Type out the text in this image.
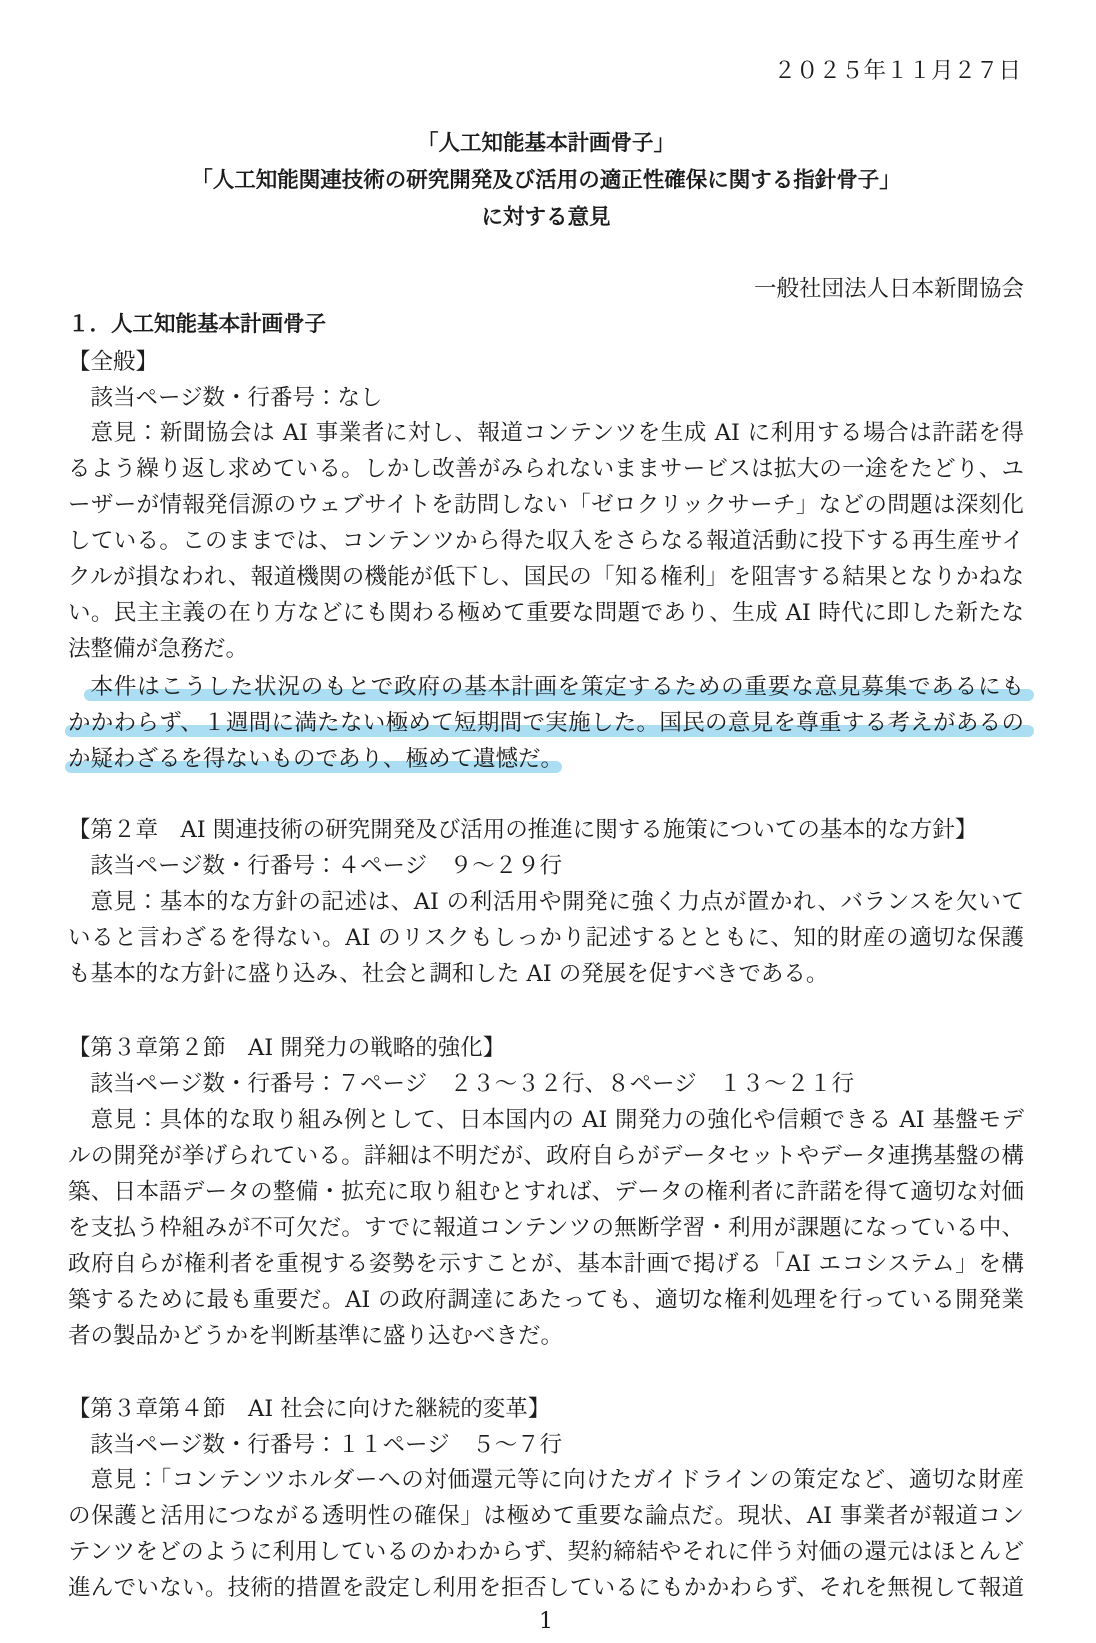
２０２５年１１月２７日
「人工知能基本計画骨子」
「人工知能関連技術の研究開発及び活用の適正性確保に関する指針骨子」
に対する意見
一般社団法人日本新聞協会
１．人工知能基本計画骨子
【全般】
該当ページ数・行番号：なし
意見：新聞協会は AI 事業者に対し、報道コンテンツを生成 AI に利用する場合は許諾を得
るよう繰り返し求めている。しかし改善がみられないままサービスは拡大の一途をたどり、ユ
ーザーが情報発信源のウェブサイトを訪問しない「ゼロクリックサーチ」などの問題は深刻化
している。このままでは、コンテンツから得た収入をさらなる報道活動に投下する再生産サイ
クルが損なわれ、報道機関の機能が低下し、国民の「知る権利」を阻害する結果となりかねな
い。民主主義の在り方などにも関わる極めて重要な問題であり、生成 AI 時代に即した新たな
法整備が急務だ。
本件はこうした状況のもとで政府の基本計画を策定するための重要な意見募集であるにも
かかわらず、１週間に満たない極めて短期間で実施した。国民の意見を尊重する考えがあるの
か疑わざるを得ないものであり、極めて遺憾だ。
【第２章　AI 関連技術の研究開発及び活用の推進に関する施策についての基本的な方針】
該当ページ数・行番号：４ページ　９～２９行
意見：基本的な方針の記述は、AI の利活用や開発に強く力点が置かれ、バランスを欠いて
いると言わざるを得ない。AI のリスクもしっかり記述するとともに、知的財産の適切な保護
も基本的な方針に盛り込み、社会と調和した AI の発展を促すべきである。
【第３章第２節　AI 開発力の戦略的強化】
該当ページ数・行番号：７ページ　２３～３２行、８ページ　１３～２１行
意見：具体的な取り組み例として、日本国内の AI 開発力の強化や信頼できる AI 基盤モデ
ルの開発が挙げられている。詳細は不明だが、政府自らがデータセットやデータ連携基盤の構
築、日本語データの整備・拡充に取り組むとすれば、データの権利者に許諾を得て適切な対価
を支払う枠組みが不可欠だ。すでに報道コンテンツの無断学習・利用が課題になっている中、
政府自らが権利者を重視する姿勢を示すことが、基本計画で掲げる「AI エコシステム」を構
築するために最も重要だ。AI の政府調達にあたっても、適切な権利処理を行っている開発業
者の製品かどうかを判断基準に盛り込むべきだ。
【第３章第４節　AI 社会に向けた継続的変革】
該当ページ数・行番号：１１ページ　５～７行
意見：「コンテンツホルダーへの対価還元等に向けたガイドラインの策定など、適切な財産
の保護と活用につながる透明性の確保」は極めて重要な論点だ。現状、AI 事業者が報道コン
テンツをどのように利用しているのかわからず、契約締結やそれに伴う対価の還元はほとんど
進んでいない。技術的措置を設定し利用を拒否しているにもかかわらず、それを無視して報道
1
